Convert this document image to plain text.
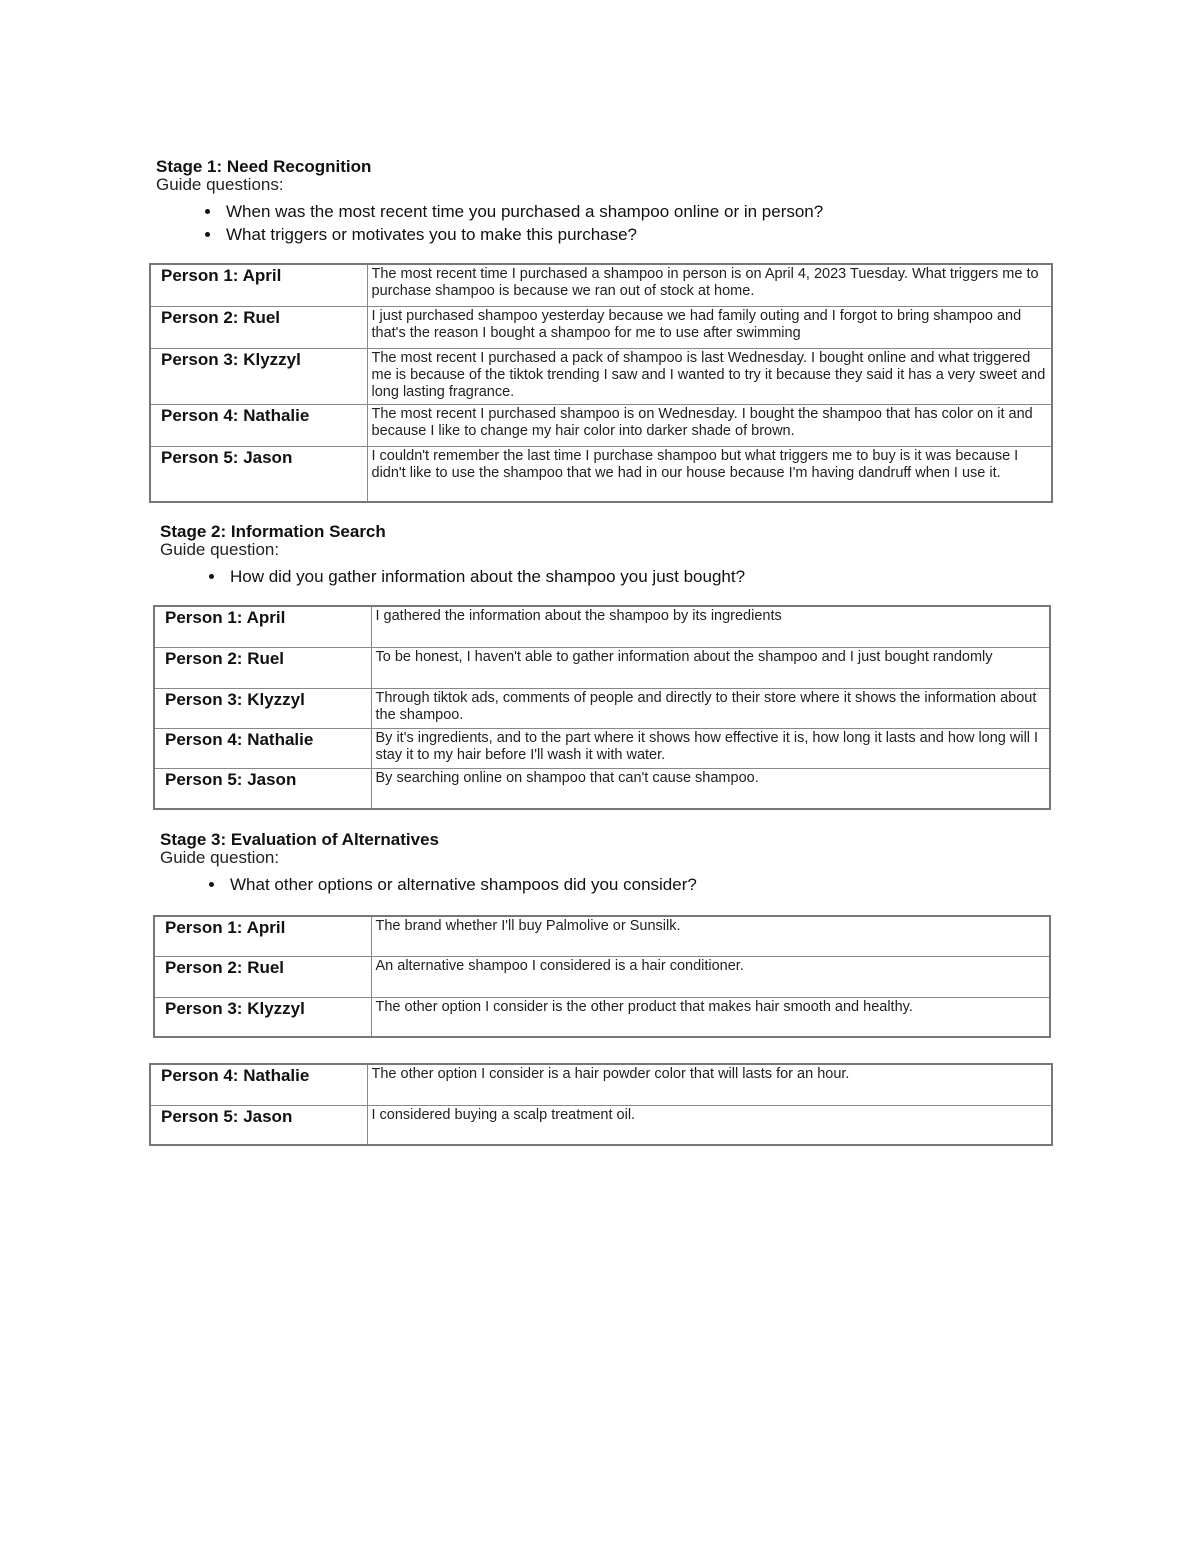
Stage 1: Need Recognition
Guide questions:
• When was the most recent time you purchased a shampoo online or in person?
• What triggers or motivates you to make this purchase?
Person 1: April	The most recent time I purchased a shampoo in person is on April 4, 2023 Tuesday. What triggers me to purchase shampoo is because we ran out of stock at home.
Person 2: Ruel	I just purchased shampoo yesterday because we had family outing and I forgot to bring shampoo and that's the reason I bought a shampoo for me to use after swimming
Person 3: Klyzzyl	The most recent I purchased a pack of shampoo is last Wednesday. I bought online and what triggered me is because of the tiktok trending I saw and I wanted to try it because they said it has a very sweet and long lasting fragrance.
Person 4: Nathalie	The most recent I purchased shampoo is on Wednesday. I bought the shampoo that has color on it and because I like to change my hair color into darker shade of brown.
Person 5: Jason	I couldn't remember the last time I purchase shampoo but what triggers me to buy is it was because I didn't like to use the shampoo that we had in our house because I'm having dandruff when I use it.
Stage 2: Information Search
Guide question:
• How did you gather information about the shampoo you just bought?
Person 1: April	I gathered the information about the shampoo by its ingredients
Person 2: Ruel	To be honest, I haven't able to gather information about the shampoo and I just bought randomly
Person 3: Klyzzyl	Through tiktok ads, comments of people and directly to their store where it shows the information about the shampoo.
Person 4: Nathalie	By it's ingredients, and to the part where it shows how effective it is, how long it lasts and how long will I stay it to my hair before I'll wash it with water.
Person 5: Jason	By searching online on shampoo that can't cause shampoo.
Stage 3: Evaluation of Alternatives
Guide question:
• What other options or alternative shampoos did you consider?
Person 1: April	The brand whether I'll buy Palmolive or Sunsilk.
Person 2: Ruel	An alternative shampoo I considered is a hair conditioner.
Person 3: Klyzzyl	The other option I consider is the other product that makes hair smooth and healthy.
Person 4: Nathalie	The other option I consider is a hair powder color that will lasts for an hour.
Person 5: Jason	I considered buying a scalp treatment oil.
